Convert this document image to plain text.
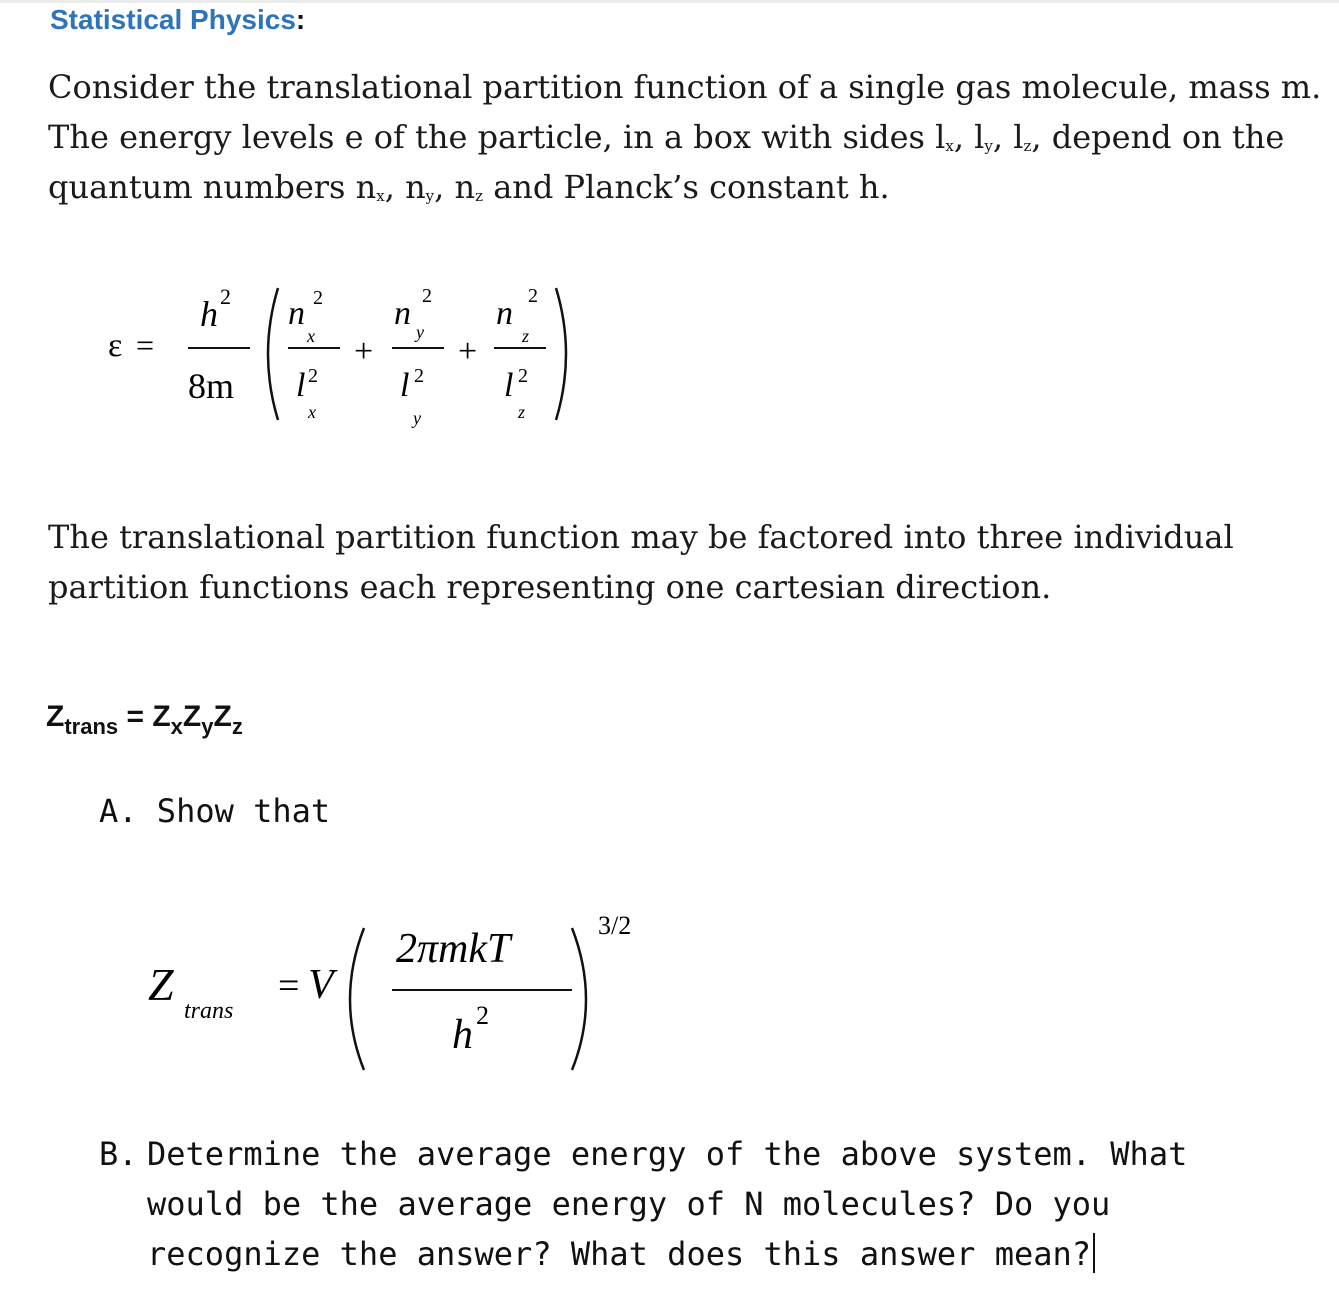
Statistical Physics:
Consider the translational partition function of a single gas molecule, mass m. The energy levels e of the particle, in a box with sides $l_x$, $l_y$, $l_z$, depend on the quantum numbers $n_x$, $n_y$, $n_z$ and Planck’s constant h.
ε =
h 2
8m
n 2
x
l 2
x
+
n 2
y
l 2
y
+
n 2
z
l 2
z
The translational partition function may be factored into three individual partition functions each representing one cartesian direction.
$Z_{trans} = Z_xZ_yZ_z$
A. Show that
Z
trans
= V
2πmkT
h 2
3/2
B. Determine the average energy of the above system. What
would be the average energy of N molecules? Do you
recognize the answer? What does this answer mean?
